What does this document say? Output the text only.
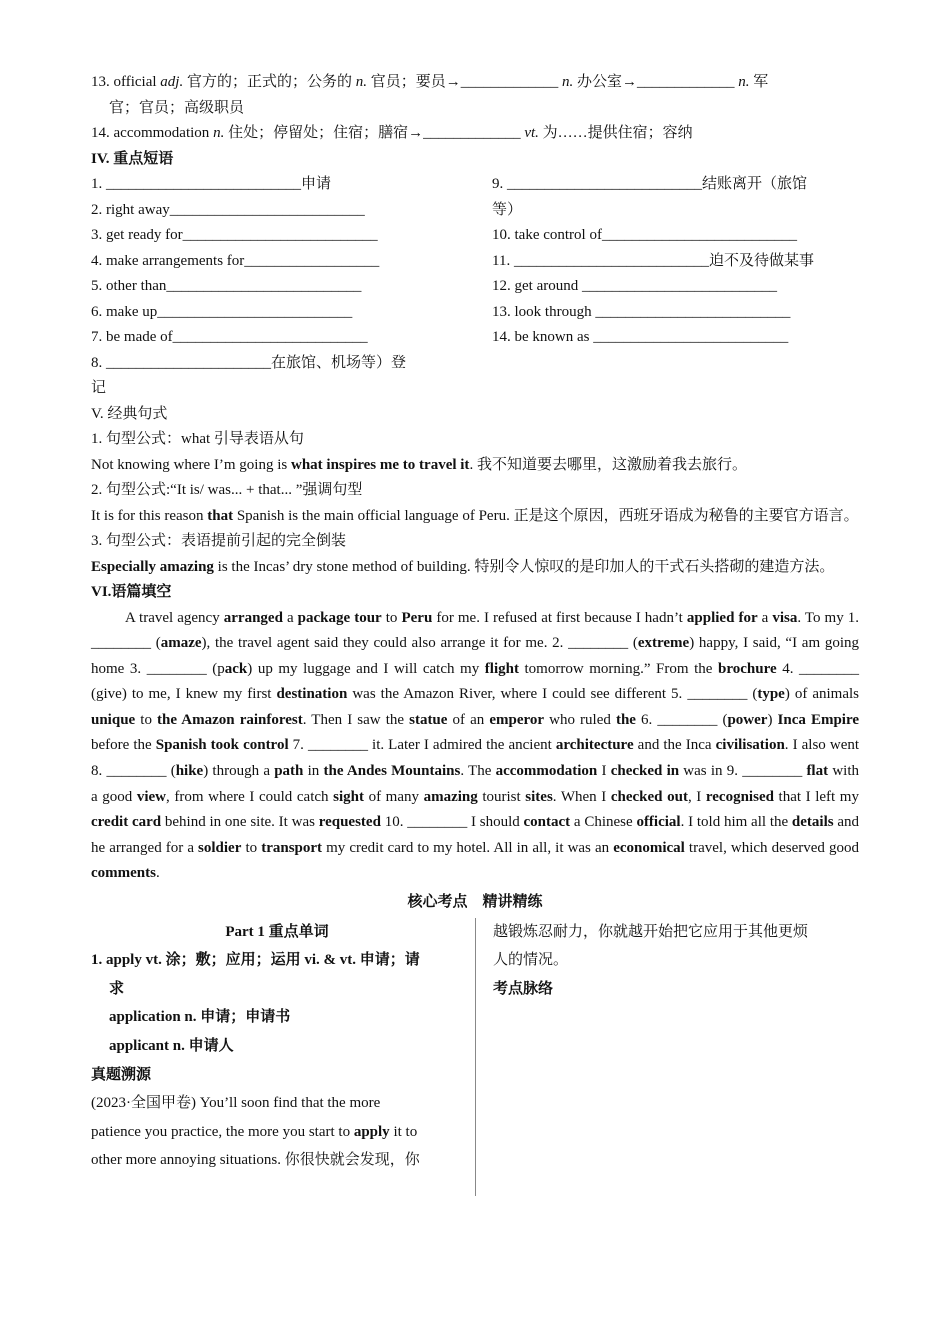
13. official adj. 官方的；正式的；公务的 n. 官员；要员→_____________ n. 办公室→_____________ n. 军
官；官员；高级职员

14. accommodation n. 住处；停留处；住宿；膳宿→_____________ vt. 为……提供住宿；容纳

IV. 重点短语

1. __________________________申请

2. right away__________________________

3. get ready for__________________________

4. make arrangements for__________________

5. other than__________________________

6. make up__________________________

7. be made of__________________________

8. ______________________在旅馆、机场等）登

记

9. __________________________结账离开（旅馆

等）

10. take control of__________________________

11. __________________________迫不及待做某事

12. get around __________________________

13. look through __________________________

14. be known as __________________________

V. 经典句式

1. 句型公式：what 引导表语从句

Not knowing where I’m going is what inspires me to travel it. 我不知道要去哪里，这激励着我去旅行。

2. 句型公式:“It is/ was... + that... ”强调句型

It is for this reason that Spanish is the main official language of Peru. 正是这个原因，西班牙语成为秘鲁的主要官方语言。

3. 句型公式：表语提前引起的完全倒装

Especially amazing is the Incas’ dry stone method of building. 特别令人惊叹的是印加人的干式石头搭砌的建造方法。

VI.语篇填空

A travel agency arranged a package tour to Peru for me. I refused at first because I hadn’t applied for a visa. To my 1. ________ (amaze), the travel agent said they could also arrange it for me. 2. ________ (extreme) happy, I said, “I am going home 3. ________ (pack) up my luggage and I will catch my flight tomorrow morning.” From the brochure 4. ________ (give) to me, I knew my first destination was the Amazon River, where I could see different 5. ________ (type) of animals unique to the Amazon rainforest. Then I saw the statue of an emperor who ruled the 6. ________ (power) Inca Empire before the Spanish took control 7. ________ it. Later I admired the ancient architecture and the Inca civilisation. I also went 8. ________ (hike) through a path in the Andes Mountains. The accommodation I checked in was in 9. ________ flat with a good view, from where I could catch sight of many amazing tourist sites. When I checked out, I recognised that I left my credit card behind in one site. It was requested 10. ________ I should contact a Chinese official. I told him all the details and he arranged for a soldier to transport my credit card to my hotel. All in all, it was an economical travel, which deserved good comments.

核心考点　精讲精练

Part 1 重点单词

1. apply vt. 涂；敷；应用；运用 vi. & vt. 申请；请

求

application n. 申请；申请书

applicant n. 申请人

真题溯源

(2023·全国甲卷) You’ll soon find that the more

patience you practice, the more you start to apply it to

other more annoying situations. 你很快就会发现，你

越锻炼忍耐力，你就越开始把它应用于其他更烦

人的情况。

考点脉络
